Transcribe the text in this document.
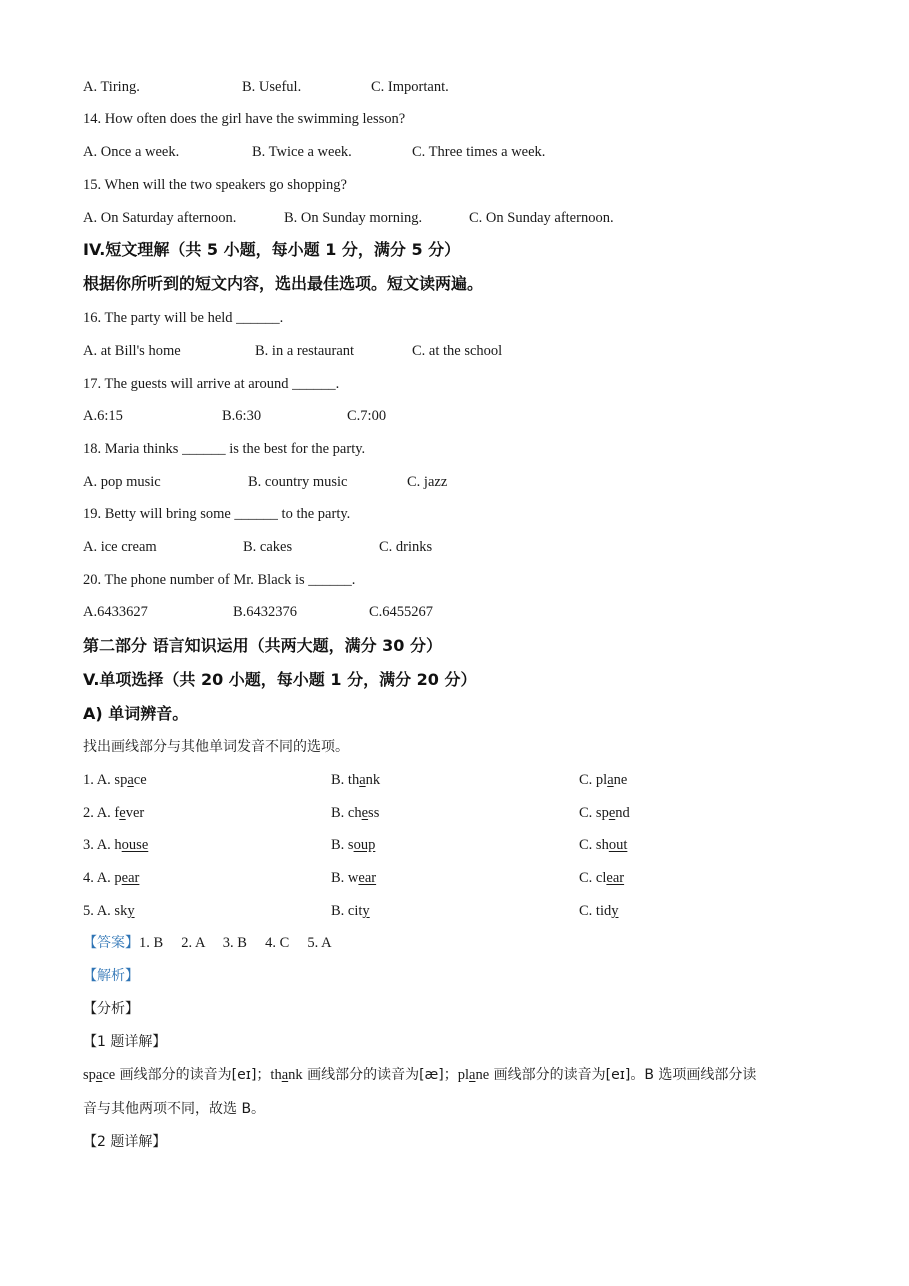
A. Tiring.	B. Useful.	C. Important.
14. How often does the girl have the swimming lesson?
A. Once a week.	B. Twice a week.	C. Three times a week.
15. When will the two speakers go shopping?
A. On Saturday afternoon.	B. On Sunday morning.	C. On Sunday afternoon.
IV.短文理解（共 5 小题，每小题 1 分，满分 5 分）
根据你所听到的短文内容，选出最佳选项。短文读两遍。
16. The party will be held ______.
A. at Bill's home	B. in a restaurant	C. at the school
17. The guests will arrive at around ______.
A.6:15	B.6:30	C.7:00
18. Maria thinks ______ is the best for the party.
A. pop music	B. country music	C. jazz
19. Betty will bring some ______ to the party.
A. ice cream	B. cakes	C. drinks
20. The phone number of Mr. Black is ______.
A.6433627	B.6432376	C.6455267
第二部分 语言知识运用（共两大题，满分 30 分）
V.单项选择（共 20 小题，每小题 1 分，满分 20 分）
A) 单词辨音。
找出画线部分与其他单词发音不同的选项。
1. A. space	B. thank	C. plane
2. A. fever	B. chess	C. spend
3. A. house	B. soup	C. shout
4. A. pear	B. wear	C. clear
5. A. sky	B. city	C. tidy
【答案】1. B     2. A     3. B     4. C     5. A
【解析】
【分析】
【1 题详解】
space 画线部分的读音为[eɪ]；thank 画线部分的读音为[æ]；plane 画线部分的读音为[eɪ]。B 选项画线部分读
音与其他两项不同，故选 B。
【2 题详解】
